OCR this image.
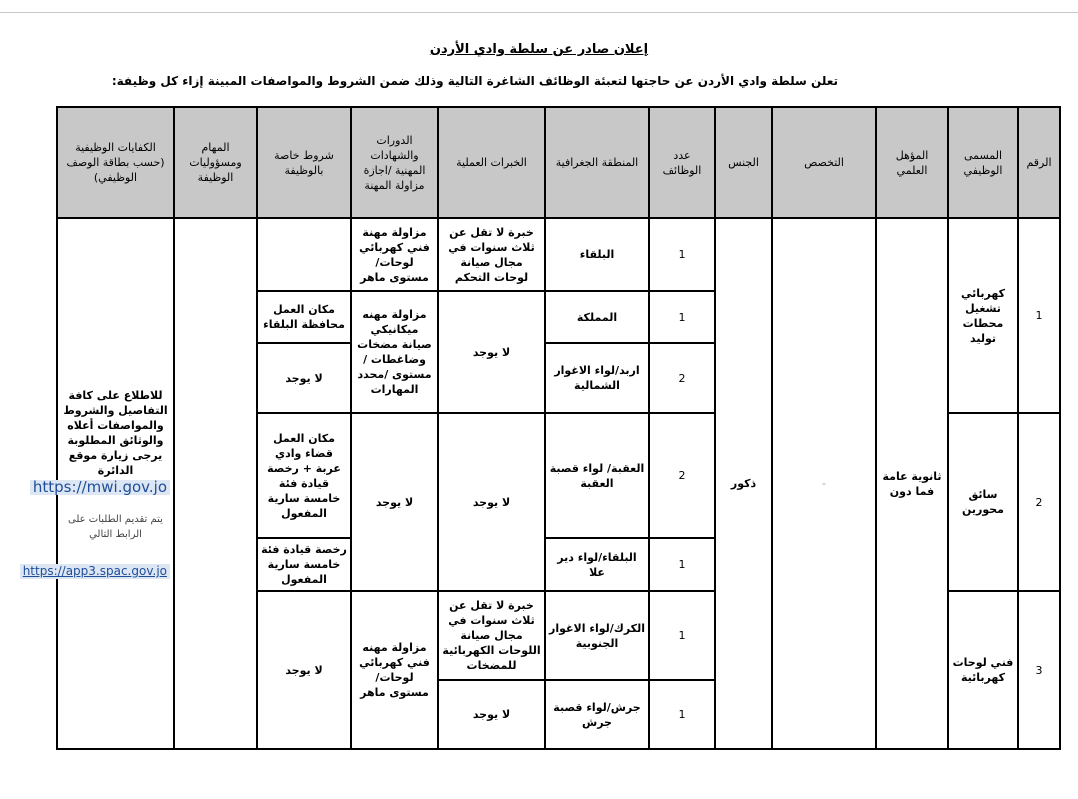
إعلان صادر عن سلطة وادي الأردن
تعلن سلطة وادي الأردن عن حاجتها لتعبئة الوظائف الشاغرة التالية وذلك ضمن الشروط والمواصفات المبينة إزاء كل وظيفة:
الرقم	المسمى الوظيفي	المؤهل العلمي	التخصص	الجنس	عدد الوظائف	المنطقة الجغرافية	الخبرات العملية	الدورات والشهادات المهنية /اجازة مزاولة المهنة	شروط خاصة بالوظيفة	المهام ومسؤوليات الوظيفة	الكفايات الوظيفية (حسب بطاقة الوصف الوظيفي)
1	كهربائي تشغيل محطات توليد	ثانوية عامة فما دون	-	ذكور	1	البلقاء	خبرة لا تقل عن ثلاث سنوات في مجال صيانة لوحات التحكم	مزاولة مهنة فني كهربائي لوحات/ مستوى ماهر			للاطلاع على كافة التفاصيل والشروط والمواصفات أعلاه والوثائق المطلوبة يرجى زيارة موقع الدائرة
https://mwi.gov.jo
يتم تقديم الطلبات على الرابط التالي
https://app3.spac.gov.jo
					1	المملكة	لا يوجد	مزاولة مهنه ميكانيكي صيانة مضخات وضاغطات /مستوى /محدد المهارات	مكان العمل محافظة البلقاء		
					2	اربد/لواء الاغوار الشمالية			لا يوجد		
2	سائق محورين				2	العقبة/ لواء قصبة العقبة	لا يوجد	لا يوجد	مكان العمل قضاء وادي عربة + رخصة قيادة فئة خامسة سارية المفعول		
					1	البلقاء/لواء دير علا			رخصة قيادة فئة خامسة سارية المفعول		
3	فني لوحات كهربائية				1	الكرك/لواء الاغوار الجنوبية	خبرة لا تقل عن ثلاث سنوات في مجال صيانة اللوحات الكهربائية للمضخات	مزاولة مهنه فني كهربائي لوحات/ مستوى ماهر	لا يوجد		
					1	جرش/لواء قصبة جرش	لا يوجد				
